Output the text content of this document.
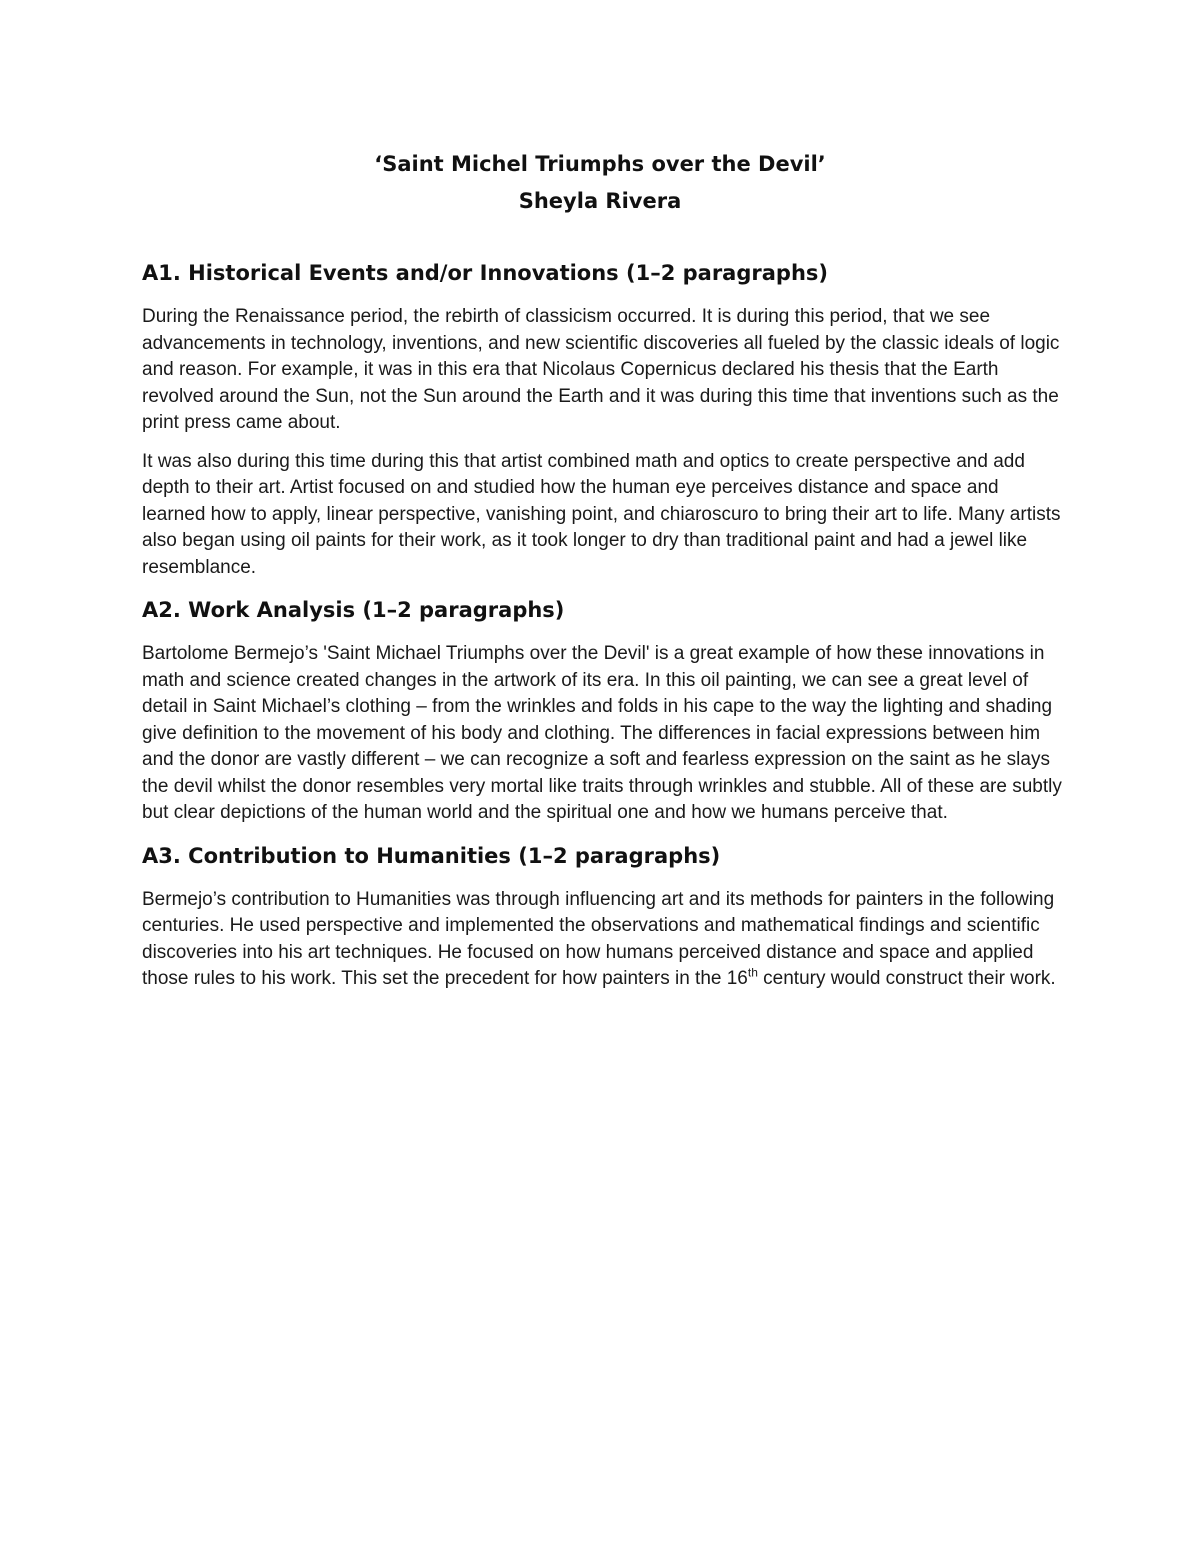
‘Saint Michel Triumphs over the Devil’
Sheyla Rivera
A1. Historical Events and/or Innovations (1–2 paragraphs)

During the Renaissance period, the rebirth of classicism occurred. It is during this period, that we see advancements in technology, inventions, and new scientific discoveries all fueled by the classic ideals of logic and reason. For example, it was in this era that Nicolaus Copernicus declared his thesis that the Earth revolved around the Sun, not the Sun around the Earth and it was during this time that inventions such as the print press came about.

It was also during this time during this that artist combined math and optics to create perspective and add depth to their art. Artist focused on and studied how the human eye perceives distance and space and learned how to apply, linear perspective, vanishing point, and chiaroscuro to bring their art to life. Many artists also began using oil paints for their work, as it took longer to dry than traditional paint and had a jewel like resemblance.

A2. Work Analysis (1–2 paragraphs)

Bartolome Bermejo’s 'Saint Michael Triumphs over the Devil' is a great example of how these innovations in math and science created changes in the artwork of its era. In this oil painting, we can see a great level of detail in Saint Michael’s clothing – from the wrinkles and folds in his cape to the way the lighting and shading give definition to the movement of his body and clothing. The differences in facial expressions between him and the donor are vastly different – we can recognize a soft and fearless expression on the saint as he slays the devil whilst the donor resembles very mortal like traits through wrinkles and stubble. All of these are subtly but clear depictions of the human world and the spiritual one and how we humans perceive that.

A3. Contribution to Humanities (1–2 paragraphs)

Bermejo’s contribution to Humanities was through influencing art and its methods for painters in the following centuries. He used perspective and implemented the observations and mathematical findings and scientific discoveries into his art techniques. He focused on how humans perceived distance and space and applied those rules to his work. This set the precedent for how painters in the 16th century would construct their work.
